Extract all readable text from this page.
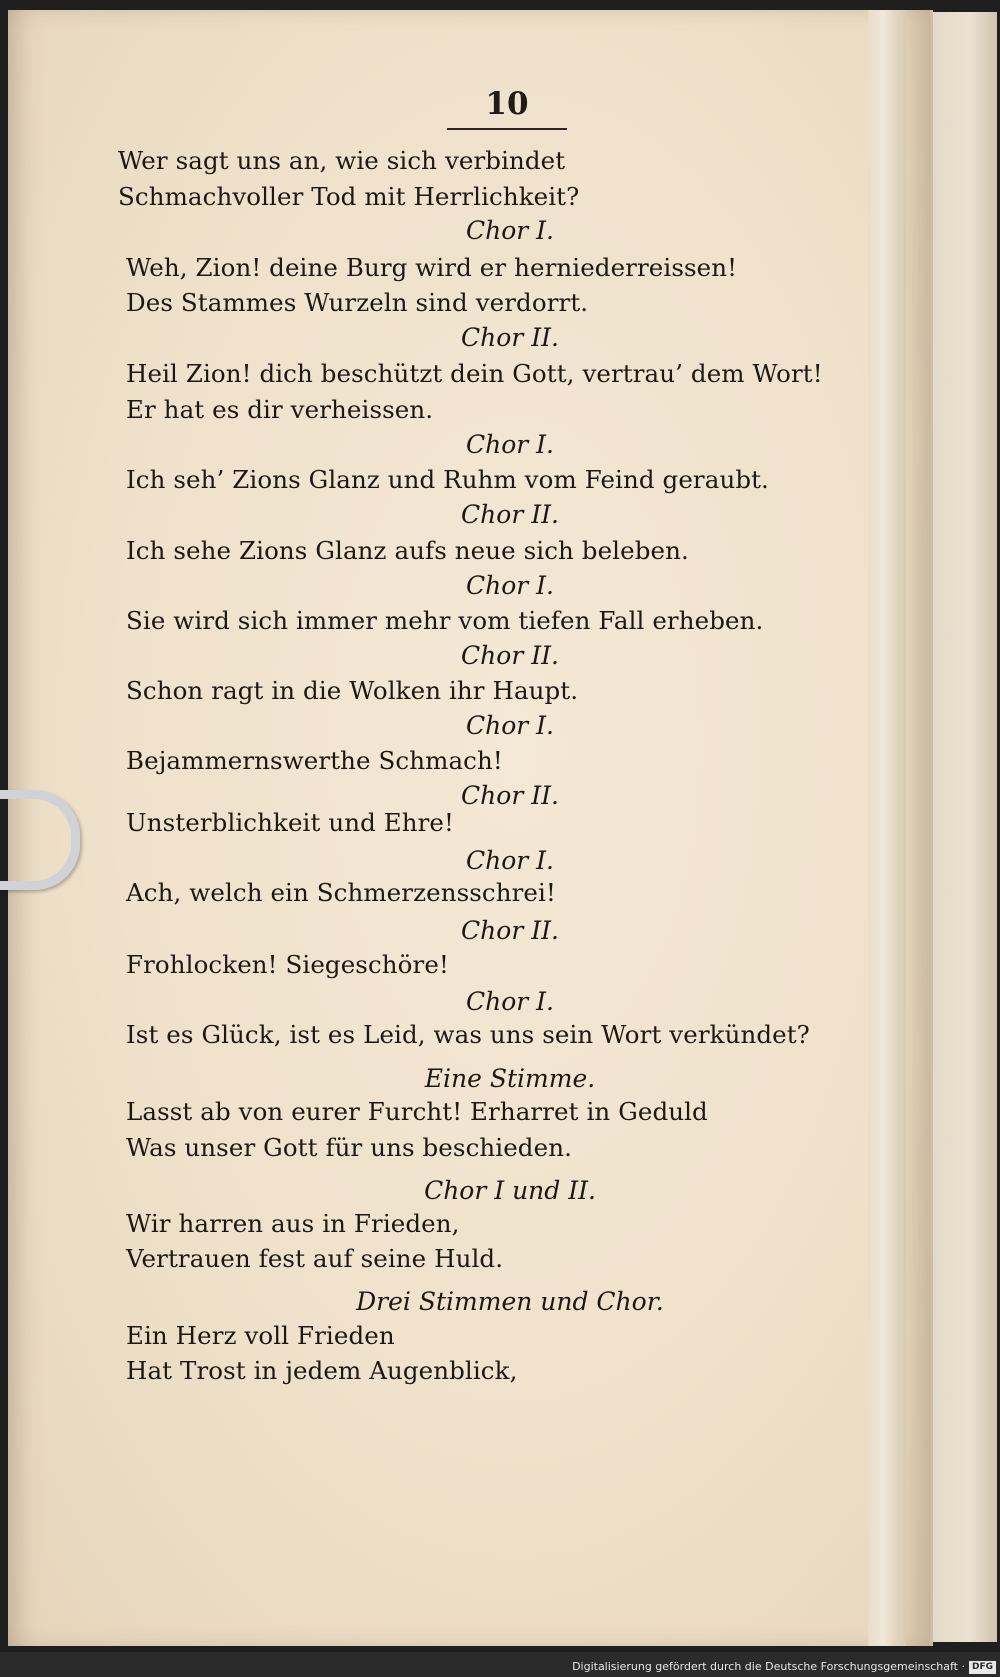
10
Wer sagt uns an, wie sich verbindet
Schmachvoller Tod mit Herrlichkeit?
Chor I.
Weh, Zion! deine Burg wird er herniederreissen!
Des Stammes Wurzeln sind verdorrt.
Chor II.
Heil Zion! dich beschützt dein Gott, vertrau’ dem Wort!
Er hat es dir verheissen.
Chor I.
Ich seh’ Zions Glanz und Ruhm vom Feind geraubt.
Chor II.
Ich sehe Zions Glanz aufs neue sich beleben.
Chor I.
Sie wird sich immer mehr vom tiefen Fall erheben.
Chor II.
Schon ragt in die Wolken ihr Haupt.
Chor I.
Bejammernswerthe Schmach!
Chor II.
Unsterblichkeit und Ehre!
Chor I.
Ach, welch ein Schmerzensschrei!
Chor II.
Frohlocken! Siegeschöre!
Chor I.
Ist es Glück, ist es Leid, was uns sein Wort verkündet?
Eine Stimme.
Lasst ab von eurer Furcht! Erharret in Geduld
Was unser Gott für uns beschieden.
Chor I und II.
Wir harren aus in Frieden,
Vertrauen fest auf seine Huld.
Drei Stimmen und Chor.
Ein Herz voll Frieden
Hat Trost in jedem Augenblick,
Digitalisierung gefördert durch die Deutsche Forschungsgemeinschaft · DFG
